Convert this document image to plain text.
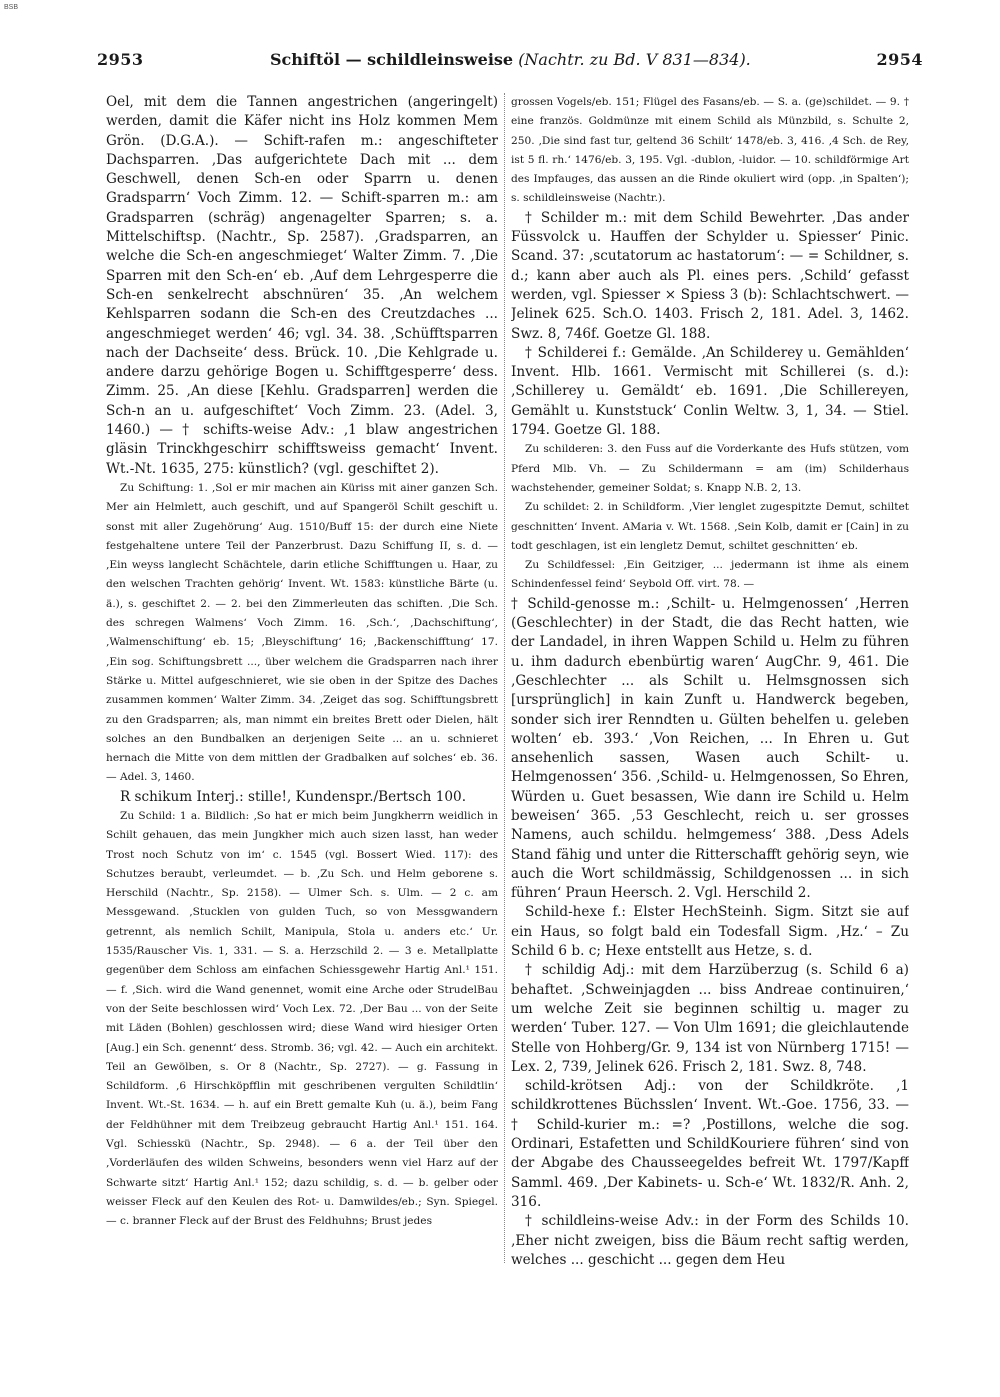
BSB
2953	Schiftöl — schildleinsweise (Nachtr. zu Bd. V 831—834).	2954

Oel, mit dem die Tannen angestrichen (angeringelt) werden, damit die Käfer nicht ins Holz kommen Mem Grön. (D.G.A.). — Schift-rafen m.: angeschifteter Dachsparren. ‚Das aufgerichtete Dach mit ... dem Geschwell, denen Sch-en oder Sparrn u. denen Gradsparrn‘ Voch Zimm. 12. — Schift-sparren m.: am Gradsparren (schräg) angenagelter Sparren; s. a. Mittelschiftsp. (Nachtr., Sp. 2587). ‚Gradsparren, an welche die Sch-en angeschmieget‘ Walter Zimm. 7. ‚Die Sparren mit den Sch-en‘ eb. ‚Auf dem Lehrgesperre die Sch-en senkelrecht abschnüren‘ 35. ‚An welchem Kehlsparren sodann die Sch-en des Creutzdaches ... angeschmieget werden‘ 46; vgl. 34. 38. ‚Schüfftsparren nach der Dachseite‘ dess. Brück. 10. ‚Die Kehlgrade u. andere darzu gehörige Bogen u. Schifftgesperre‘ dess. Zimm. 25. ‚An diese [Kehlu. Gradsparren] werden die Sch-n an u. aufgeschiftet‘ Voch Zimm. 23. (Adel. 3, 1460.) — † schifts-weise Adv.: ‚1 blaw angestrichen gläsin Trinckhgeschirr schifftsweiss gemacht‘ Invent. Wt.-Nt. 1635, 275: künstlich? (vgl. geschiftet 2).

Zu Schiftung: 1. ‚Sol er mir machen ain Küriss mit ainer ganzen Sch. Mer ain Helmlett, auch geschift, und auf Spangeröl Schilt geschift u. sonst mit aller Zugehörung‘ Aug. 1510/Buff 15: der durch eine Niete festgehaltene untere Teil der Panzerbrust. Dazu Schiffung II, s. d. — ‚Ein weyss langlecht Schächtele, darin etliche Schifftungen u. Haar, zu den welschen Trachten gehörig‘ Invent. Wt. 1583: künstliche Bärte (u. ä.), s. geschiftet 2. — 2. bei den Zimmerleuten das schiften. ‚Die Sch. des schregen Walmens‘ Voch Zimm. 16. ‚Sch.‘, ‚Dachschiftung‘, ‚Walmenschiftung‘ eb. 15; ‚Bleyschiftung‘ 16; ‚Backenschifftung‘ 17. ‚Ein sog. Schiftungsbrett ..., über welchem die Gradsparren nach ihrer Stärke u. Mittel aufgeschnieret, wie sie oben in der Spitze des Daches zusammen kommen‘ Walter Zimm. 34. ‚Zeiget das sog. Schifftungsbrett zu den Gradsparren; als, man nimmt ein breites Brett oder Dielen, hält solches an den Bundbalken an derjenigen Seite ... an u. schnieret hernach die Mitte von dem mittlen der Gradbalken auf solches‘ eb. 36. — Adel. 3, 1460.

R schikum Interj.: stille!, Kundenspr./Bertsch 100.

Zu Schild: 1 a. Bildlich: ‚So hat er mich beim Jungkherrn weidlich in Schilt gehauen, das mein Jungkher mich auch sizen lasst, han weder Trost noch Schutz von im‘ c. 1545 (vgl. Bossert Wied. 117): des Schutzes beraubt, verleumdet. — b. ‚Zu Sch. und Helm geborene s. Herschild (Nachtr., Sp. 2158). — Ulmer Sch. s. Ulm. — 2 c. am Messgewand. ‚Stucklen von gulden Tuch, so von Messgwandern getrennt, als nemlich Schilt, Manipula, Stola u. anders etc.‘ Ur. 1535/Rauscher Vis. 1, 331. — S. a. Herzschild 2. — 3 e. Metallplatte gegenüber dem Schloss am einfachen Schiessgewehr Hartig Anl.¹ 151. — f. ‚Sich. wird die Wand genennet, womit eine Arche oder StrudelBau von der Seite beschlossen wird‘ Voch Lex. 72. ‚Der Bau ... von der Seite mit Läden (Bohlen) geschlossen wird; diese Wand wird hiesiger Orten [Aug.] ein Sch. genennt‘ dess. Stromb. 36; vgl. 42. — Auch ein architekt. Teil an Gewölben, s. Or 8 (Nachtr., Sp. 2727). — g. Fassung in Schildform. ‚6 Hirschköpfflin mit geschribenen vergulten Schildtlin‘ Invent. Wt.-St. 1634. — h. auf ein Brett gemalte Kuh (u. ä.), beim Fang der Feldhühner mit dem Treibzeug gebraucht Hartig Anl.¹ 151. 164. Vgl. Schiesskü (Nachtr., Sp. 2948). — 6 a. der Teil über den ‚Vorderläufen des wilden Schweins, besonders wenn viel Harz auf der Schwarte sitzt‘ Hartig Anl.¹ 152; dazu schildig, s. d. — b. gelber oder weisser Fleck auf den Keulen des Rot- u. Damwildes/eb.; Syn. Spiegel. — c. branner Fleck auf der Brust des Feldhuhns; Brust jedes

grossen Vogels/eb. 151; Flügel des Fasans/eb. — S. a. (ge)schildet. — 9. † eine französ. Goldmünze mit einem Schild als Münzbild, s. Schulte 2, 250. ‚Die sind fast tur, geltend 36 Schilt‘ 1478/eb. 3, 416. ‚4 Sch. de Rey, ist 5 fl. rh.‘ 1476/eb. 3, 195. Vgl. -dublon, -luidor. — 10. schildförmige Art des Impfauges, das aussen an die Rinde okuliert wird (opp. ‚in Spalten‘); s. schildleinsweise (Nachtr.).

† Schilder m.: mit dem Schild Bewehrter. ‚Das ander Füssvolck u. Hauffen der Schylder u. Spiesser‘ Pinic. Scand. 37: ‚scutatorum ac hastatorum‘: — = Schildner, s. d.; kann aber auch als Pl. eines pers. ‚Schild‘ gefasst werden, vgl. Spiesser × Spiess 3 (b): Schlachtschwert. — Jelinek 625. Sch.O. 1403. Frisch 2, 181. Adel. 3, 1462. Swz. 8, 746f. Goetze Gl. 188.

† Schilderei f.: Gemälde. ‚An Schilderey u. Gemählden‘ Invent. Hlb. 1661. Vermischt mit Schillerei (s. d.): ‚Schillerey u. Gemäldt‘ eb. 1691. ‚Die Schillereyen, Gemählt u. Kunststuck‘ Conlin Weltw. 3, 1, 34. — Stiel. 1794. Goetze Gl. 188.

Zu schilderen: 3. den Fuss auf die Vorderkante des Hufs stützen, vom Pferd Mlb. Vh. — Zu Schildermann = am (im) Schilderhaus wachstehender, gemeiner Soldat; s. Knapp N.B. 2, 13.

Zu schildet: 2. in Schildform. ‚Vier lenglet zugespitzte Demut, schiltet geschnitten‘ Invent. AMaria v. Wt. 1568. ‚Sein Kolb, damit er [Cain] in zu todt geschlagen, ist ein lengletz Demut, schiltet geschnitten‘ eb.

Zu Schildfessel: ‚Ein Geitziger, ... jedermann ist ihme als einem Schindenfessel feind‘ Seybold Off. virt. 78. —

† Schild-genosse m.: ‚Schilt- u. Helmgenossen‘ ‚Herren (Geschlechter) in der Stadt, die das Recht hatten, wie der Landadel, in ihren Wappen Schild u. Helm zu führen u. ihm dadurch ebenbürtig waren‘ AugChr. 9, 461. Die ‚Geschlechter ... als Schilt u. Helmsgnossen sich [ursprünglich] in kain Zunft u. Handwerck begeben, sonder sich irer Renndten u. Gülten behelfen u. geleben wolten‘ eb. 393.‘ ‚Von Reichen, ... In Ehren u. Gut ansehenlich sassen, Wasen auch Schilt- u. Helmgenossen‘ 356. ‚Schild- u. Helmgenossen, So Ehren, Würden u. Guet besassen, Wie dann ire Schild u. Helm beweisen‘ 365. ‚53 Geschlecht, reich u. ser grosses Namens, auch schildu. helmgemess‘ 388. ‚Dess Adels Stand fähig und unter die Ritterschafft gehörig seyn, wie auch die Wort schildmässig, Schildgenossen ... in sich führen‘ Praun Heersch. 2. Vgl. Herschild 2.

Schild-hexe f.: Elster HechSteinh. Sigm. Sitzt sie auf ein Haus, so folgt bald ein Todesfall Sigm. ‚Hz.‘ – Zu Schild 6 b. c; Hexe entstellt aus Hetze, s. d.

† schildig Adj.: mit dem Harzüberzug (s. Schild 6 a) behaftet. ‚Schweinjagden ... biss Andreae continuiren,‘ um welche Zeit sie beginnen schiltig u. mager zu werden‘ Tuber. 127. — Von Ulm 1691; die gleichlautende Stelle von Hohberg/Gr. 9, 134 ist von Nürnberg 1715! — Lex. 2, 739, Jelinek 626. Frisch 2, 181. Swz. 8, 748.

schild-krötsen Adj.: von der Schildkröte. ‚1 schildkrottenes Büchsslen‘ Invent. Wt.-Goe. 1756, 33. — † Schild-kurier m.: =? ‚Postillons, welche die sog. Ordinari, Estafetten und SchildKouriere führen‘ sind von der Abgabe des Chausseegeldes befreit Wt. 1797/Kapff Samml. 469. ‚Der Kabinets- u. Sch-e‘ Wt. 1832/R. Anh. 2, 316.

† schildleins-weise Adv.: in der Form des Schilds 10. ‚Eher nicht zweigen, biss die Bäum recht saftig werden, welches ... geschicht ... gegen dem Heu
